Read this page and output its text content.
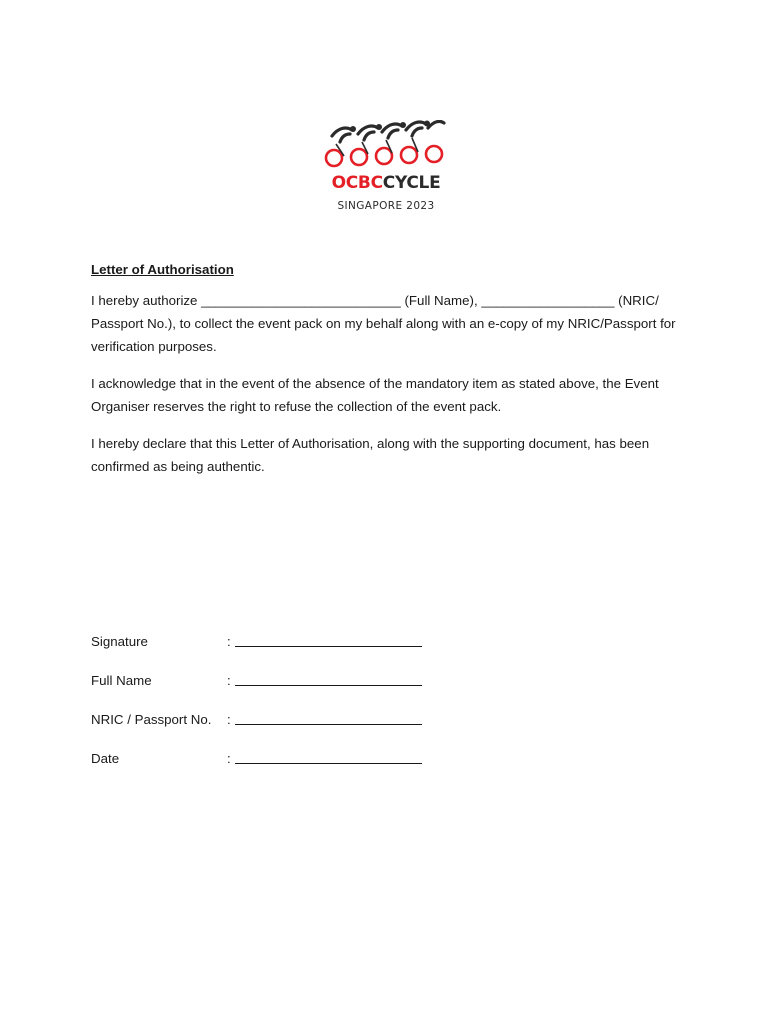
OCBCCYCLE
SINGAPORE 2023

Letter of Authorisation

I hereby authorize ___________________________ (Full Name), __________________ (NRIC/ Passport No.), to collect the event pack on my behalf along with an e-copy of my NRIC/Passport for verification purposes.

I acknowledge that in the event of the absence of the mandatory item as stated above, the Event Organiser reserves the right to refuse the collection of the event pack.

I hereby declare that this Letter of Authorisation, along with the supporting document, has been confirmed as being authentic.

Signature	:
Full Name	:
NRIC / Passport No.	:
Date	:
